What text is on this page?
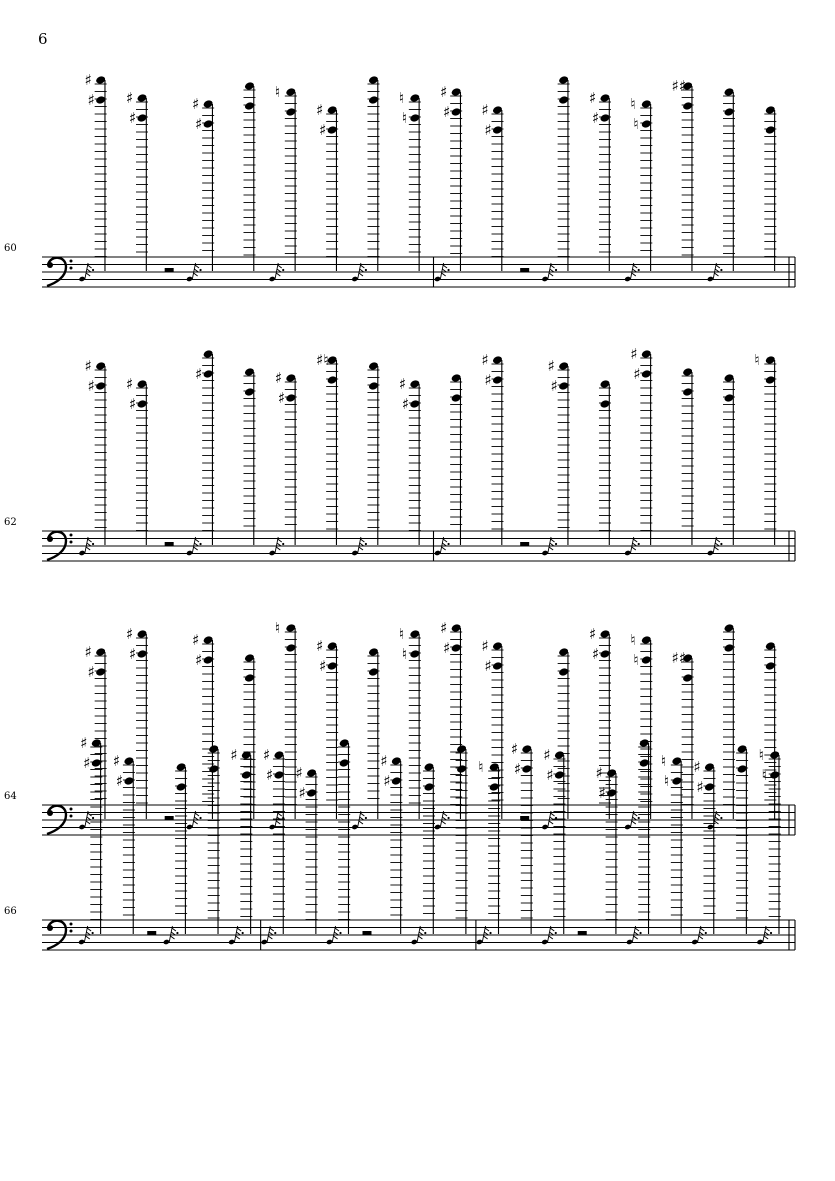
6
60
♯
♯ ♯
♯
♯
♯
♮
♯
♯
♮
♮
♯
♯ ♯
♯
♯
♯
♮
♮
♯♯
62
♯
♯ ♯
♯
♯	♯
♯
♯♮
♯
♯
♯
♯
♯
♯
♯
♯
♮
64
♯
♯
♯
♯
♯
♯
♮
♯
♯
♮
♮
♯
♯ ♯
♯
♯
♯
♮
♮ ♯♯
66
♯
♯ ♯
♯
♯ ♯
♯ ♯
♯
♯
♯
♮
♯
♯
♯
♯	♯
♯
♮
♮
♯
♯
♮
♮
